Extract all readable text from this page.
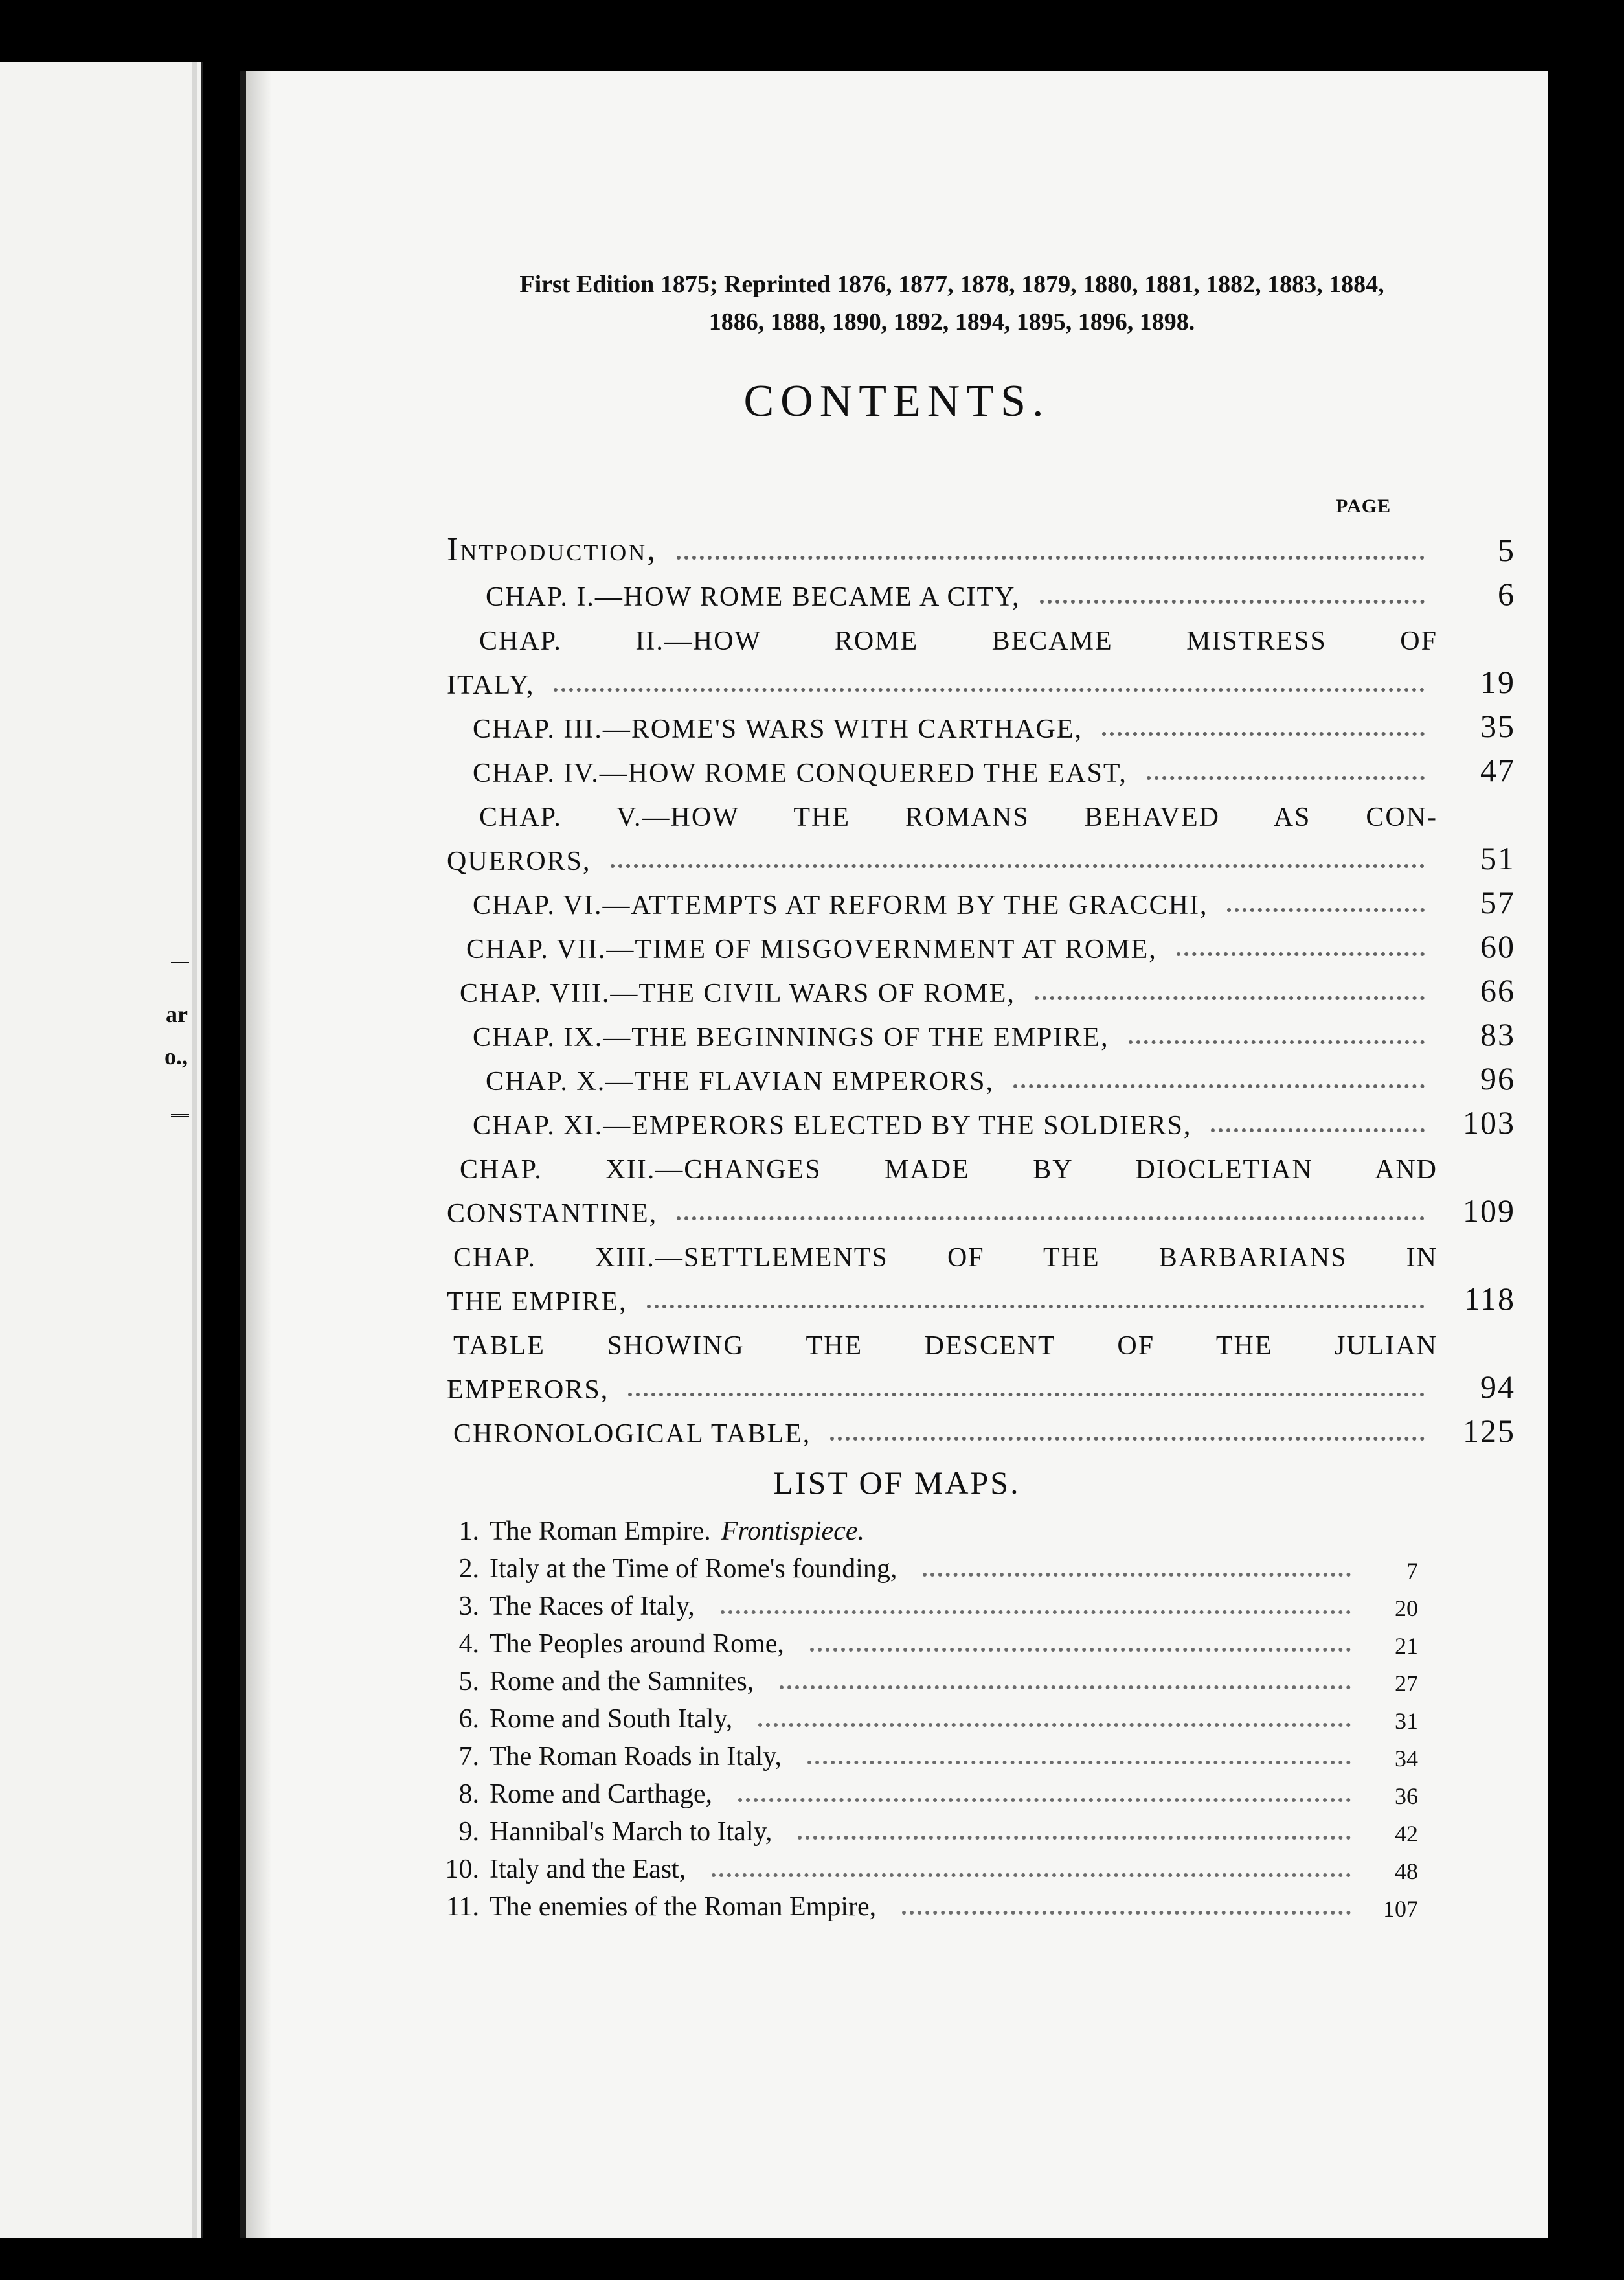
ar
o.,
First Edition 1875; Reprinted 1876, 1877, 1878, 1879, 1880, 1881, 1882, 1883, 1884, 1886, 1888, 1890, 1892, 1894, 1895, 1896, 1898.
CONTENTS.
PAGE
Intpoduction,	5
CHAP. I.—HOW ROME BECAME A CITY,	6
CHAP. II.—HOW ROME BECAME MISTRESS OF
ITALY,	19
CHAP. III.—ROME'S WARS WITH CARTHAGE,	35
CHAP. IV.—HOW ROME CONQUERED THE EAST,	47
CHAP. V.—HOW THE ROMANS BEHAVED AS CON-
QUERORS,	51
CHAP. VI.—ATTEMPTS AT REFORM BY THE GRACCHI,	57
CHAP. VII.—TIME OF MISGOVERNMENT AT ROME,	60
CHAP. VIII.—THE CIVIL WARS OF ROME,	66
CHAP. IX.—THE BEGINNINGS OF THE EMPIRE,	83
CHAP. X.—THE FLAVIAN EMPERORS,	96
CHAP. XI.—EMPERORS ELECTED BY THE SOLDIERS,	103
CHAP. XII.—CHANGES MADE BY DIOCLETIAN AND
CONSTANTINE,	109
CHAP. XIII.—SETTLEMENTS OF THE BARBARIANS IN
THE EMPIRE,	118
TABLE SHOWING THE DESCENT OF THE JULIAN
EMPERORS,	94
CHRONOLOGICAL TABLE,	125
LIST OF MAPS.
1. The Roman Empire. Frontispiece.
2. Italy at the Time of Rome's founding,	7
3. The Races of Italy,	20
4. The Peoples around Rome,	21
5. Rome and the Samnites,	27
6. Rome and South Italy,	31
7. The Roman Roads in Italy,	34
8. Rome and Carthage,	36
9. Hannibal's March to Italy,	42
10. Italy and the East,	48
11. The enemies of the Roman Empire,	107
